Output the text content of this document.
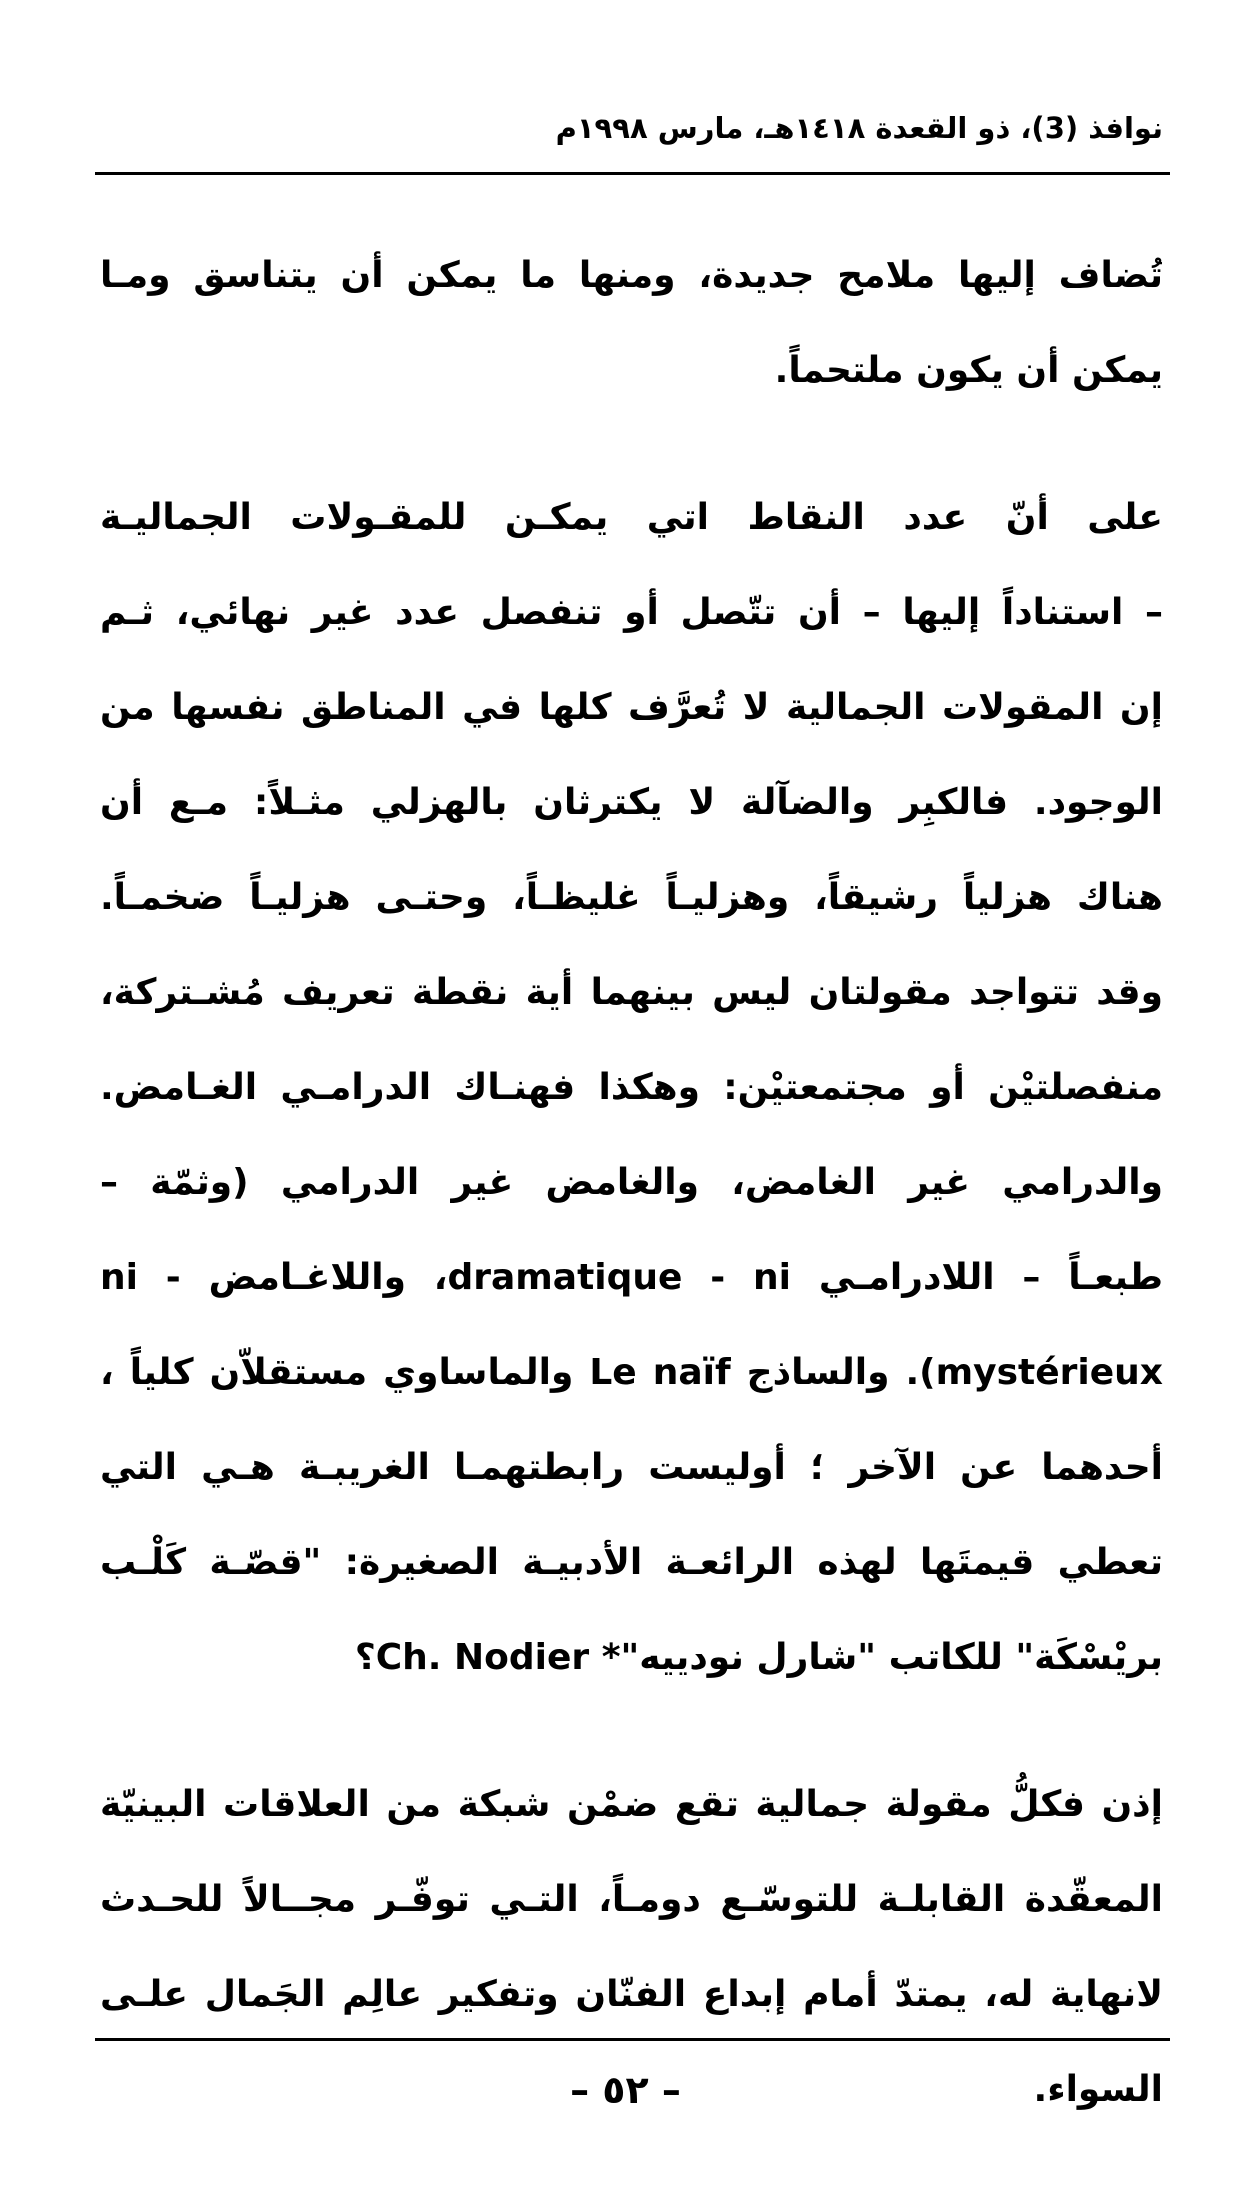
نوافذ (3)، ذو القعدة ١٤١٨هـ، مارس ١٩٩٨م
تُضاف إليها ملامح جديدة، ومنها ما يمكن أن يتناسق ومـا
يمكن أن يكون ملتحماً.
على أنّ عدد النقاط اتي يمكـن للمقـولات الجماليـة
– استناداً إليها – أن تتّصل أو تنفصل عدد غير نهائي، ثـم
إن المقولات الجمالية لا تُعرَّف كلها في المناطق نفسها من
الوجود. فالكبِر والضآلة لا يكترثان بالهزلي مثـلاً: مـع أن
هناك هزلياً رشيقاً، وهزليـاً غليظـاً، وحتـى هزليـاً ضخمـاً.
وقد تتواجد مقولتان ليس بينهما أية نقطة تعريف مُشـتركة،
منفصلتيْن أو مجتمعتيْن: وهكذا فهنـاك الدرامـي الغـامض.
والدرامي غير الغامض، والغامض غير الدرامي (وثمّة –
طبعـاً – اللادرامـي dramatique - ni، واللاغـامض - ni
mystérieux). والساذج Le naïf والماساوي مستقلاّن كلياً ،
أحدهما عن الآخر ؛ أوليست رابطتهمـا الغريبـة هـي التي
تعطي قيمتَها لهذه الرائعـة الأدبيـة الصغيرة: "قصّـة كَلْـب
بريْسْكَة" للكاتب "شارل نودييه"* Ch. Nodier؟
إذن فكلُّ مقولة جمالية تقع ضمْن شبكة من العلاقات البينيّة
المعقّدة القابلـة للتوسّـع دومـاً، التـي توفّـر مجــالاً للحـدث
لانهاية له، يمتدّ أمام إبداع الفنّان وتفكير عالِم الجَمال علـى
السواء.
– ٥٢ –
